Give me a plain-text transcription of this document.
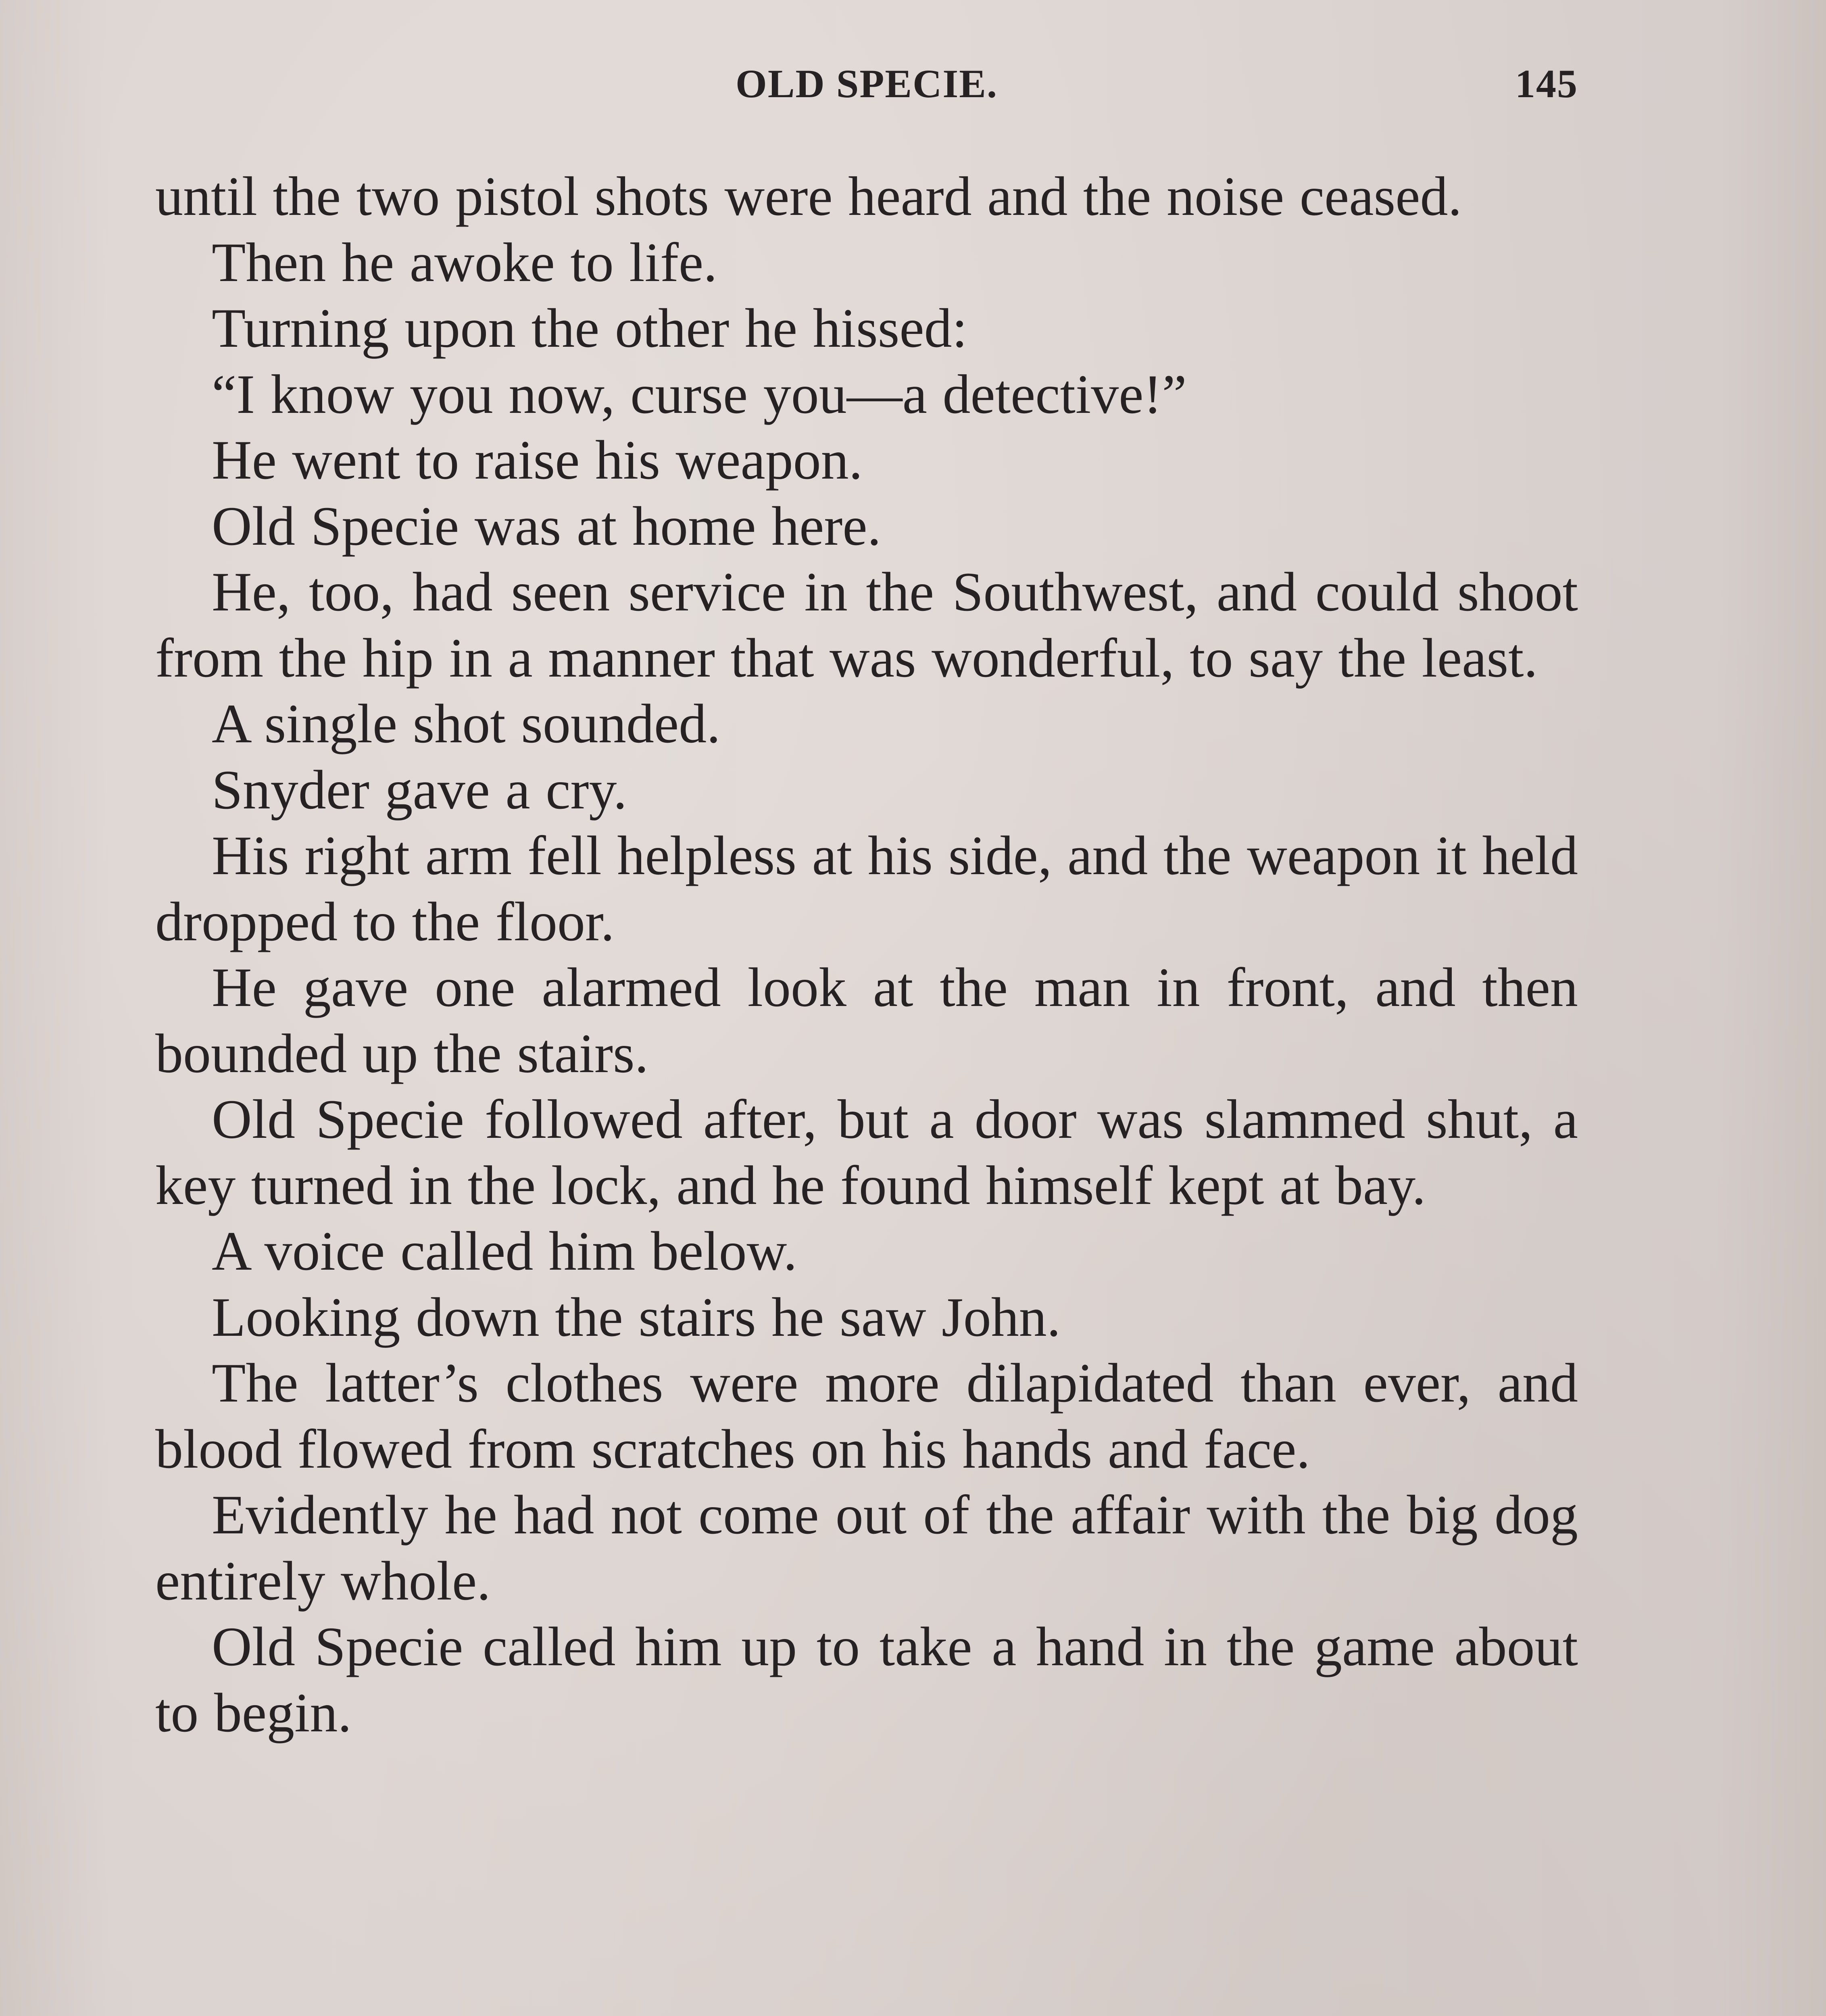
OLD SPECIE.	145

until the two pistol shots were heard and the noise ceased.

Then he awoke to life.

Turning upon the other he hissed:

“I know you now, curse you—a detective!”

He went to raise his weapon.

Old Specie was at home here.

He, too, had seen service in the Southwest, and could shoot from the hip in a manner that was wonderful, to say the least.

A single shot sounded.

Snyder gave a cry.

His right arm fell helpless at his side, and the weapon it held dropped to the floor.

He gave one alarmed look at the man in front, and then bounded up the stairs.

Old Specie followed after, but a door was slammed shut, a key turned in the lock, and he found himself kept at bay.

A voice called him below.

Looking down the stairs he saw John.

The latter’s clothes were more dilapidated than ever, and blood flowed from scratches on his hands and face.

Evidently he had not come out of the affair with the big dog entirely whole.

Old Specie called him up to take a hand in the game about to begin.
